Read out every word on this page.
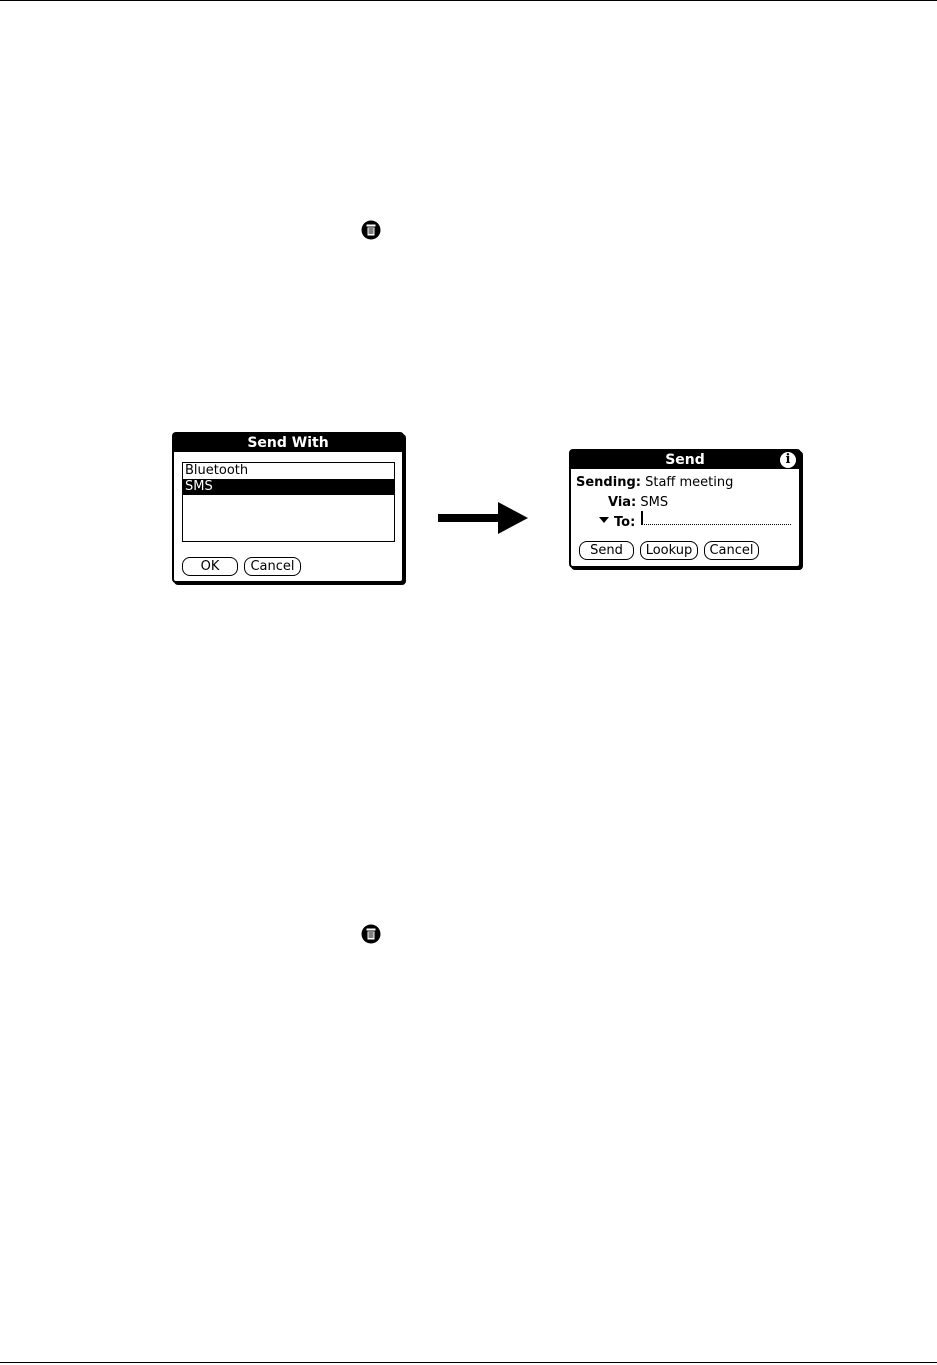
Send With
Bluetooth
SMS
OK	Cancel
Send	i
Sending: Staff meeting
Via: SMS
To:
Send	Lookup	Cancel
